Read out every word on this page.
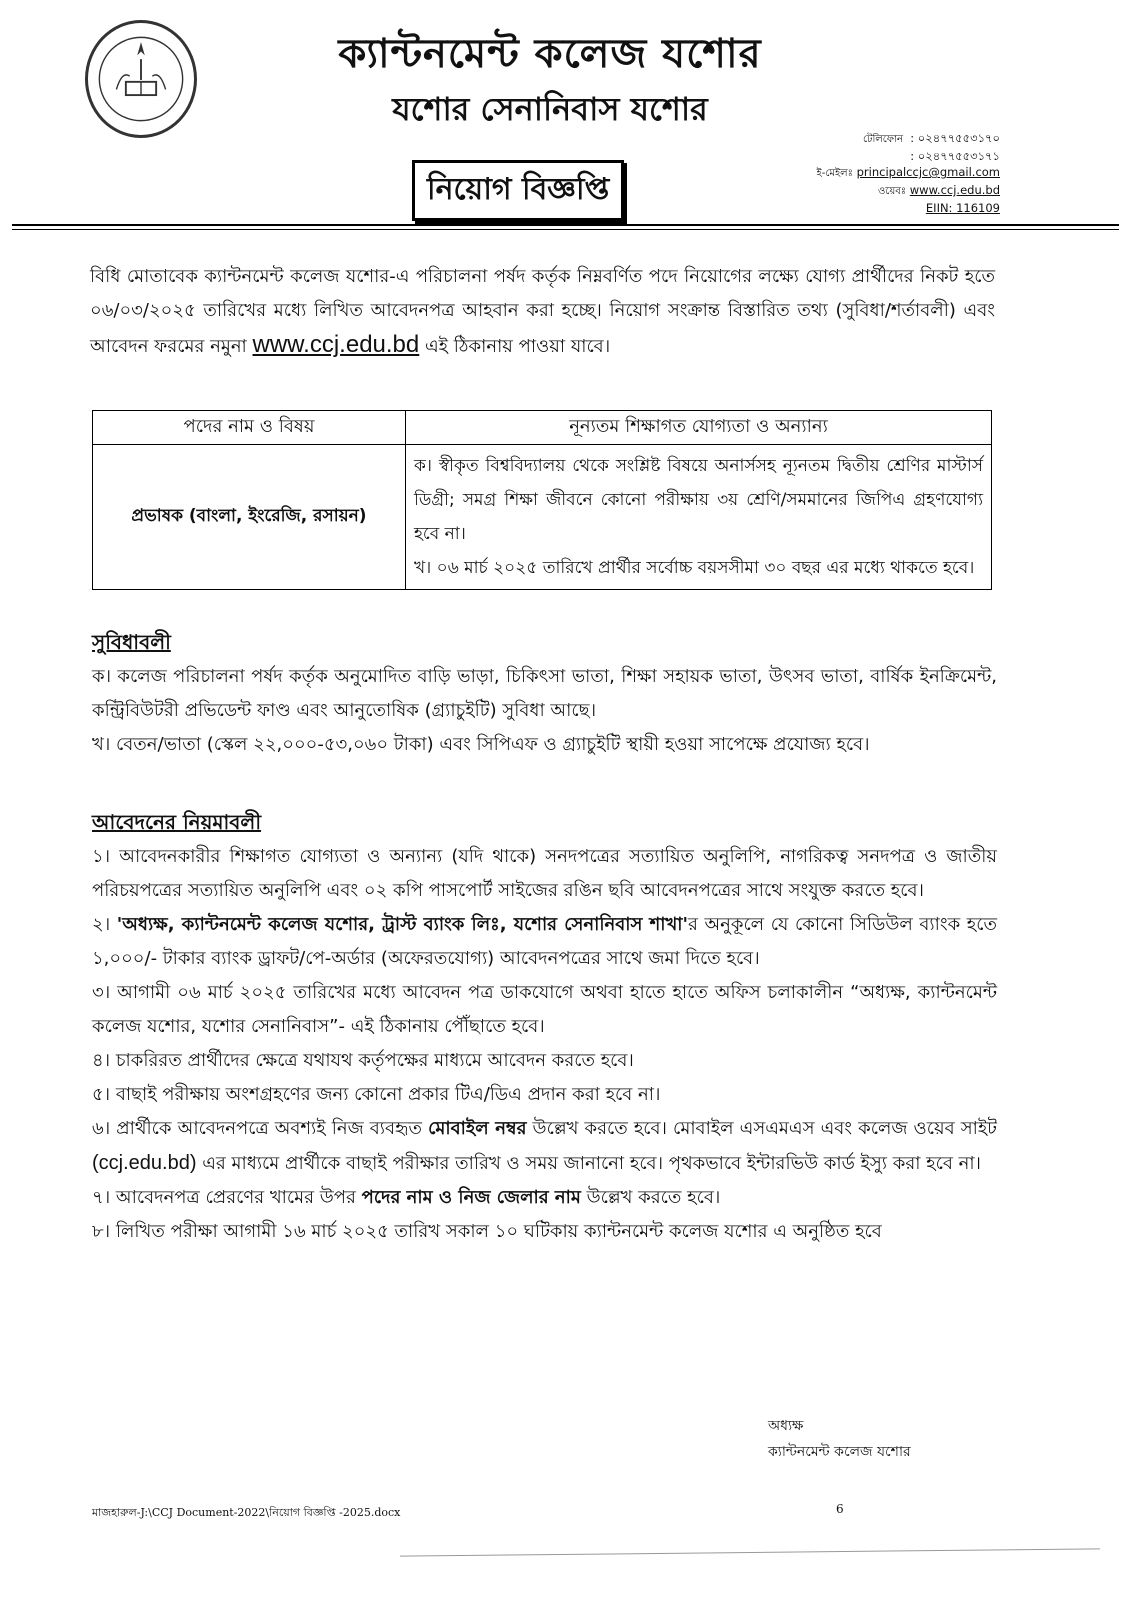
ক্যান্টনমেন্ট কলেজ যশোর
যশোর সেনানিবাস যশোর
নিয়োগ বিজ্ঞপ্তি
টেলিফোন : ০২৪৭৭৫৫৩১৭০
: ০২৪৭৭৫৫৩১৭১
ই-মেইলঃ principalccjc@gmail.com
ওয়েবঃ www.ccj.edu.bd
EIIN: 116109
বিধি মোতাবেক ক্যান্টনমেন্ট কলেজ যশোর-এ পরিচালনা পর্ষদ কর্তৃক নিম্নবর্ণিত পদে নিয়োগের লক্ষ্যে যোগ্য প্রার্থীদের নিকট হতে ০৬/০৩/২০২৫ তারিখের মধ্যে লিখিত আবেদনপত্র আহবান করা হচ্ছে। নিয়োগ সংক্রান্ত বিস্তারিত তথ্য (সুবিধা/শর্তাবলী) এবং আবেদন ফরমের নমুনা www.ccj.edu.bd এই ঠিকানায় পাওয়া যাবে।
পদের নাম ও বিষয়	নূন্যতম শিক্ষাগত যোগ্যতা ও অন্যান্য
প্রভাষক (বাংলা, ইংরেজি, রসায়ন)	ক। স্বীকৃত বিশ্ববিদ্যালয় থেকে সংশ্লিষ্ট বিষয়ে অনার্সসহ ন্যূনতম দ্বিতীয় শ্রেণির মাস্টার্স ডিগ্রী; সমগ্র শিক্ষা জীবনে কোনো পরীক্ষায় ৩য় শ্রেণি/সমমানের জিপিএ গ্রহণযোগ্য হবে না।
খ। ০৬ মার্চ ২০২৫ তারিখে প্রার্থীর সর্বোচ্চ বয়সসীমা ৩০ বছর এর মধ্যে থাকতে হবে।
সুবিধাবলী
ক। কলেজ পরিচালনা পর্ষদ কর্তৃক অনুমোদিত বাড়ি ভাড়া, চিকিৎসা ভাতা, শিক্ষা সহায়ক ভাতা, উৎসব ভাতা, বার্ষিক ইনক্রিমেন্ট, কন্ট্রিবিউটরী প্রভিডেন্ট ফাণ্ড এবং আনুতোষিক (গ্র্যাচুইটি) সুবিধা আছে।
খ। বেতন/ভাতা (স্কেল ২২,০০০-৫৩,০৬০ টাকা) এবং সিপিএফ ও গ্র্যাচুইটি স্থায়ী হওয়া সাপেক্ষে প্রযোজ্য হবে।
আবেদনের নিয়মাবলী
১। আবেদনকারীর শিক্ষাগত যোগ্যতা ও অন্যান্য (যদি থাকে) সনদপত্রের সত্যায়িত অনুলিপি, নাগরিকত্ব সনদপত্র ও জাতীয় পরিচয়পত্রের সত্যায়িত অনুলিপি এবং ০২ কপি পাসপোর্ট সাইজের রঙিন ছবি আবেদনপত্রের সাথে সংযুক্ত করতে হবে।
২। 'অধ্যক্ষ, ক্যান্টনমেন্ট কলেজ যশোর, ট্রাস্ট ব্যাংক লিঃ, যশোর সেনানিবাস শাখা'র অনুকূলে যে কোনো সিডিউল ব্যাংক হতে ১,০০০/- টাকার ব্যাংক ড্রাফট/পে-অর্ডার (অফেরতযোগ্য) আবেদনপত্রের সাথে জমা দিতে হবে।
৩। আগামী ০৬ মার্চ ২০২৫ তারিখের মধ্যে আবেদন পত্র ডাকযোগে অথবা হাতে হাতে অফিস চলাকালীন “অধ্যক্ষ, ক্যান্টনমেন্ট কলেজ যশোর, যশোর সেনানিবাস”- এই ঠিকানায় পৌঁছাতে হবে।
৪। চাকরিরত প্রার্থীদের ক্ষেত্রে যথাযথ কর্তৃপক্ষের মাধ্যমে আবেদন করতে হবে।
৫। বাছাই পরীক্ষায় অংশগ্রহণের জন্য কোনো প্রকার টিএ/ডিএ প্রদান করা হবে না।
৬। প্রার্থীকে আবেদনপত্রে অবশ্যই নিজ ব্যবহৃত মোবাইল নম্বর উল্লেখ করতে হবে। মোবাইল এসএমএস এবং কলেজ ওয়েব সাইট (ccj.edu.bd) এর মাধ্যমে প্রার্থীকে বাছাই পরীক্ষার তারিখ ও সময় জানানো হবে। পৃথকভাবে ইন্টারভিউ কার্ড ইস্যু করা হবে না।
৭। আবেদনপত্র প্রেরণের খামের উপর পদের নাম ও নিজ জেলার নাম উল্লেখ করতে হবে।
৮। লিখিত পরীক্ষা আগামী ১৬ মার্চ ২০২৫ তারিখ সকাল ১০ ঘটিকায় ক্যান্টনমেন্ট কলেজ যশোর এ অনুষ্ঠিত হবে
অধ্যক্ষ
ক্যান্টনমেন্ট কলেজ যশোর
মাজহারুল-J:\CCJ Document-2022\নিয়োগ বিজ্ঞপ্তি -2025.docx	6
